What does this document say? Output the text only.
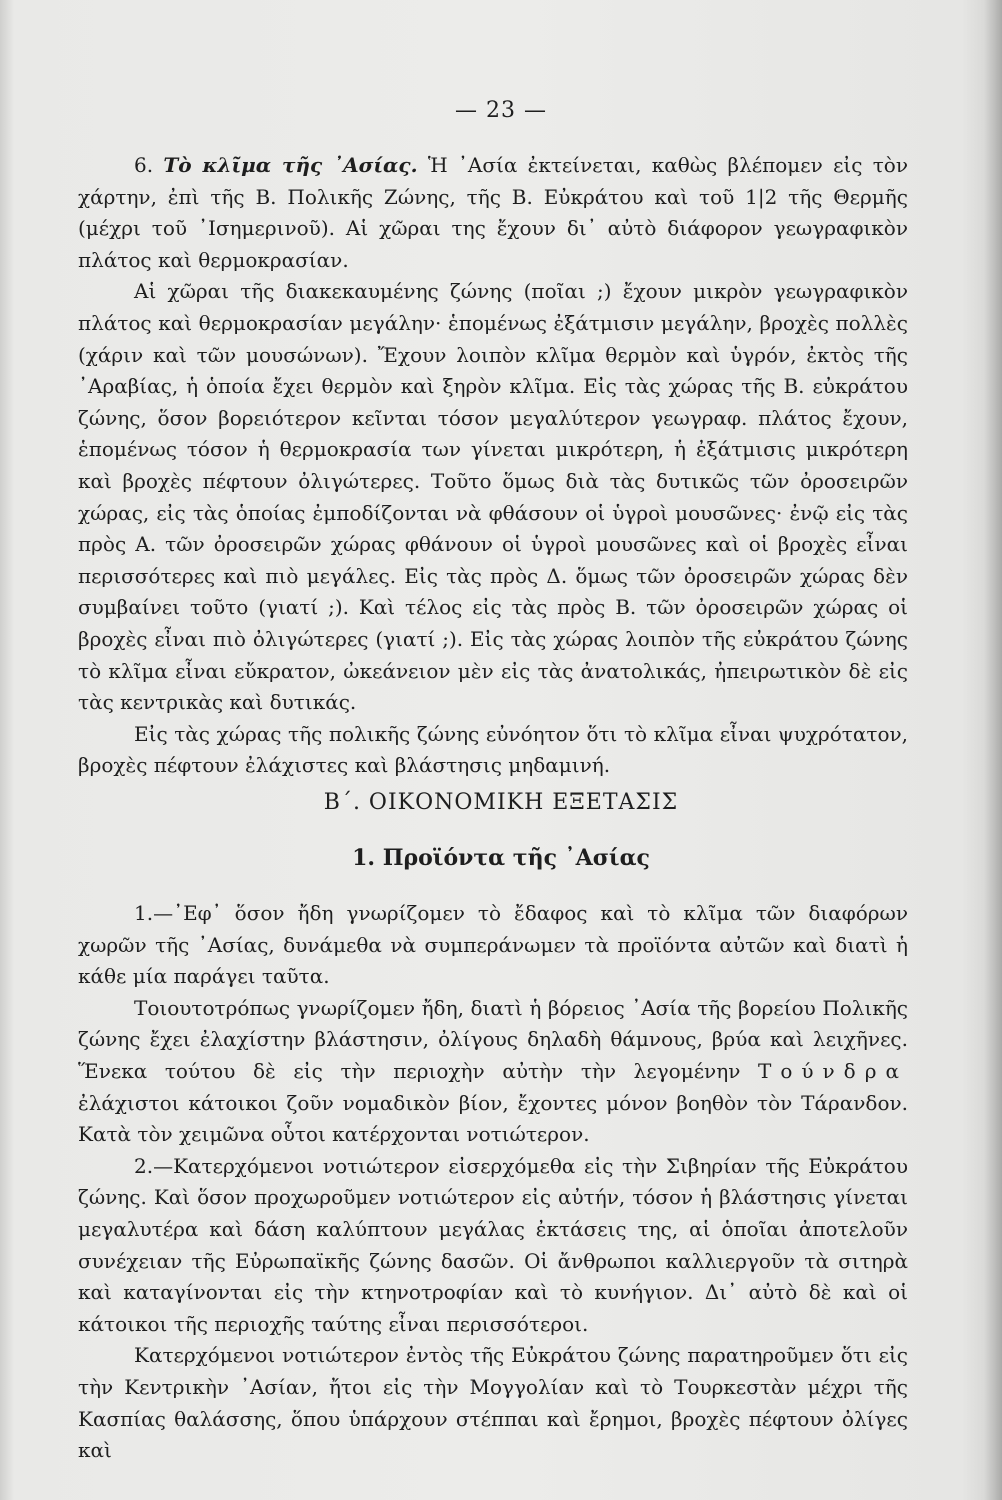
— 23 —

6. Τὸ κλῖμα τῆς ᾿Ασίας. Ἡ ᾿Ασία ἐκτείνεται, καθὼς βλέπομεν εἰς τὸν χάρτην, ἐπὶ τῆς Β. Πολικῆς Ζώνης, τῆς Β. Εὐκράτου καὶ τοῦ 1|2 τῆς Θερμῆς (μέχρι τοῦ ᾿Ισημερινοῦ). Αἱ χῶραι της ἔχουν δι᾿ αὐτὸ διάφορον γεωγραφικὸν πλάτος καὶ θερμοκρασίαν.

Αἱ χῶραι τῆς διακεκαυμένης ζώνης (ποῖαι ;) ἔχουν μικρὸν γεωγραφικὸν πλάτος καὶ θερμοκρασίαν μεγάλην· ἑπομένως ἐξάτμισιν μεγάλην, βροχὲς πολλὲς (χάριν καὶ τῶν μουσώνων). Ἔχουν λοιπὸν κλῖμα θερμὸν καὶ ὑγρόν, ἐκτὸς τῆς ᾿Αραβίας, ἡ ὁποία ἔχει θερμὸν καὶ ξηρὸν κλῖμα. Εἰς τὰς χώρας τῆς Β. εὐκράτου ζώνης, ὅσον βορειότερον κεῖνται τόσον μεγαλύτερον γεωγραφ. πλάτος ἔχουν, ἑπομένως τόσον ἡ θερμοκρασία των γίνεται μικρότερη, ἡ ἐξάτμισις μικρότερη καὶ βροχὲς πέφτουν ὀλιγώτερες. Τοῦτο ὅμως διὰ τὰς δυτικῶς τῶν ὀροσειρῶν χώρας, εἰς τὰς ὁποίας ἐμποδίζονται νὰ φθάσουν οἱ ὑγροὶ μουσῶνες· ἐνῷ εἰς τὰς πρὸς Α. τῶν ὀροσειρῶν χώρας φθάνουν οἱ ὑγροὶ μουσῶνες καὶ οἱ βροχὲς εἶναι περισσότερες καὶ πιὸ μεγάλες. Εἰς τὰς πρὸς Δ. ὅμως τῶν ὀροσειρῶν χώρας δὲν συμβαίνει τοῦτο (γιατί ;). Καὶ τέλος εἰς τὰς πρὸς Β. τῶν ὀροσειρῶν χώρας οἱ βροχὲς εἶναι πιὸ ὀλιγώτερες (γιατί ;). Εἰς τὰς χώρας λοιπὸν τῆς εὐκράτου ζώνης τὸ κλῖμα εἶναι εὔκρατον, ὠκεάνειον μὲν εἰς τὰς ἀνατολικάς, ἠπειρωτικὸν δὲ εἰς τὰς κεντρικὰς καὶ δυτικάς.

Εἰς τὰς χώρας τῆς πολικῆς ζώνης εὐνόητον ὅτι τὸ κλῖμα εἶναι ψυχρότατον, βροχὲς πέφτουν ἐλάχιστες καὶ βλάστησις μηδαμινή.

Β΄. ΟΙΚΟΝΟΜΙΚΗ ΕΞΕΤΑΣΙΣ
1. Προϊόντα τῆς ᾿Ασίας

1.—᾿Εφ᾿ ὅσον ἤδη γνωρίζομεν τὸ ἔδαφος καὶ τὸ κλῖμα τῶν διαφόρων χωρῶν τῆς ᾿Ασίας, δυνάμεθα νὰ συμπεράνωμεν τὰ προϊόντα αὐτῶν καὶ διατὶ ἡ κάθε μία παράγει ταῦτα.

Τοιουτοτρόπως γνωρίζομεν ἤδη, διατὶ ἡ βόρειος ᾿Ασία τῆς βορείου Πολικῆς ζώνης ἔχει ἐλαχίστην βλάστησιν, ὀλίγους δηλαδὴ θάμνους, βρύα καὶ λειχῆνες. Ἕνεκα τούτου δὲ εἰς τὴν περιοχὴν αὐτὴν τὴν λεγομένην Τούνδρα ἐλάχιστοι κάτοικοι ζοῦν νομαδικὸν βίον, ἔχοντες μόνον βοηθὸν τὸν Τάρανδον. Κατὰ τὸν χειμῶνα οὗτοι κατέρχονται νοτιώτερον.

2.—Κατερχόμενοι νοτιώτερον εἰσερχόμεθα εἰς τὴν Σιβηρίαν τῆς Εὐκράτου ζώνης. Καὶ ὅσον προχωροῦμεν νοτιώτερον εἰς αὐτήν, τόσον ἡ βλάστησις γίνεται μεγαλυτέρα καὶ δάση καλύπτουν μεγάλας ἐκτάσεις της, αἱ ὁποῖαι ἀποτελοῦν συνέχειαν τῆς Εὐρωπαϊκῆς ζώνης δασῶν. Οἱ ἄνθρωποι καλλιεργοῦν τὰ σιτηρὰ καὶ καταγίνονται εἰς τὴν κτηνοτροφίαν καὶ τὸ κυνήγιον. Δι᾿ αὐτὸ δὲ καὶ οἱ κάτοικοι τῆς περιοχῆς ταύτης εἶναι περισσότεροι.

Κατερχόμενοι νοτιώτερον ἐντὸς τῆς Εὐκράτου ζώνης παρατηροῦμεν ὅτι εἰς τὴν Κεντρικὴν ᾿Ασίαν, ἤτοι εἰς τὴν Μογγολίαν καὶ τὸ Τουρκεστὰν μέχρι τῆς Κασπίας θαλάσσης, ὅπου ὑπάρχουν στέππαι καὶ ἔρημοι, βροχὲς πέφτουν ὀλίγες καὶ
